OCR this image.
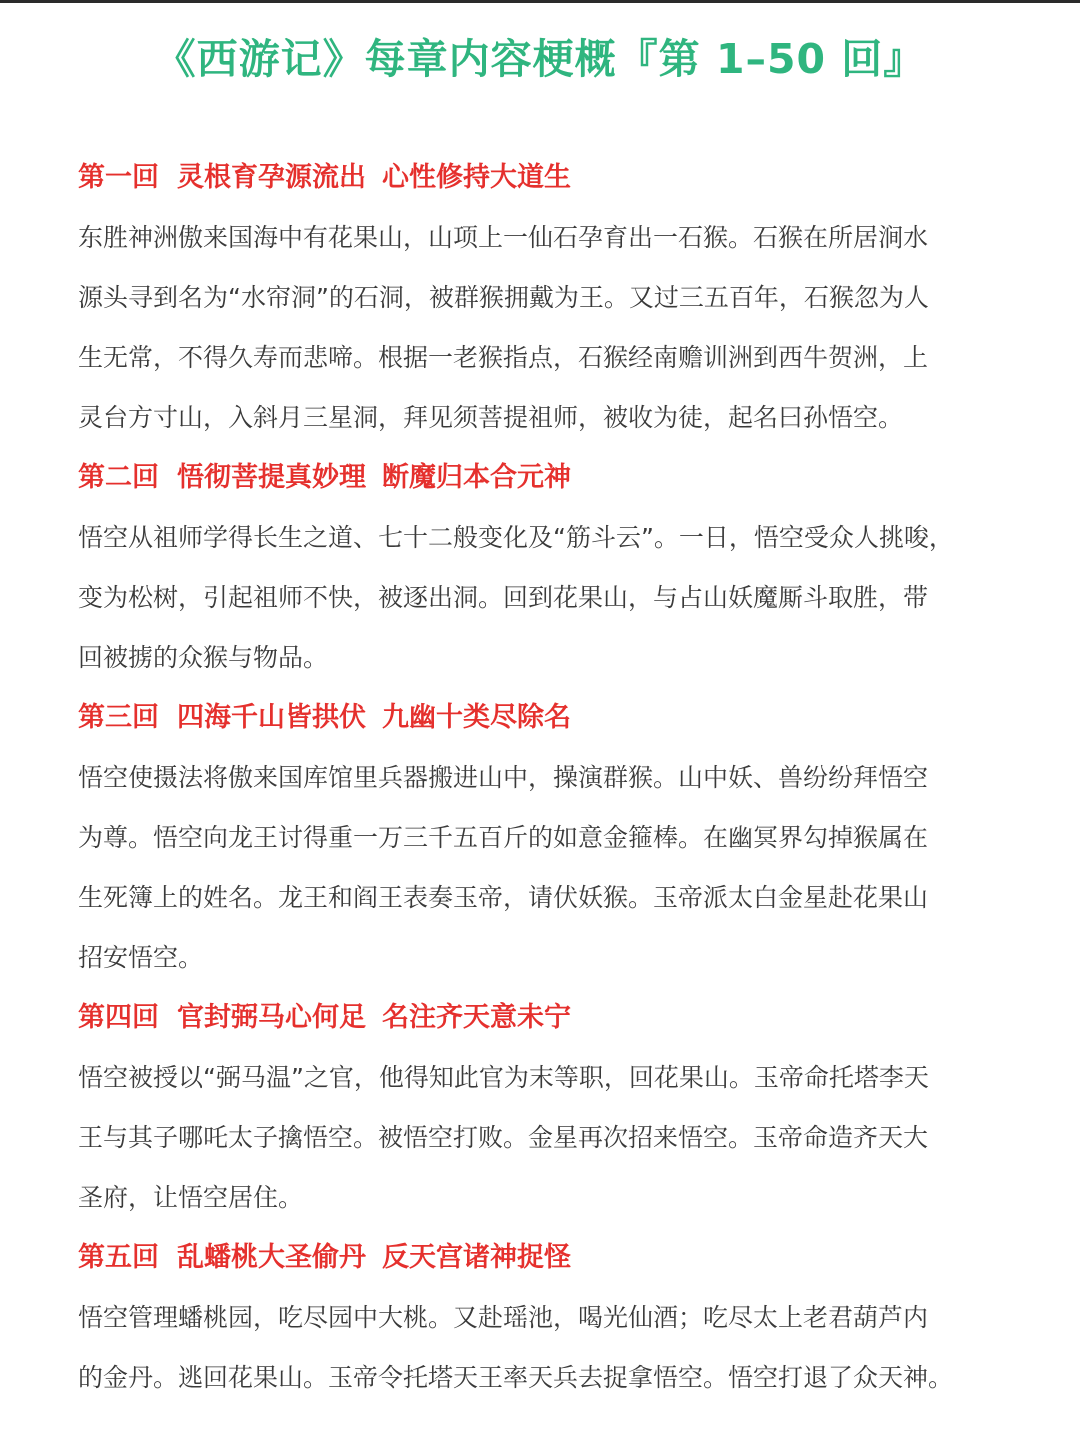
《西游记》每章内容梗概『第 1–50 回』
第一回 灵根育孕源流出 心性修持大道生
东胜神洲傲来国海中有花果山，山项上一仙石孕育出一石猴。石猴在所居涧水
源头寻到名为“水帘洞”的石洞，被群猴拥戴为王。又过三五百年，石猴忽为人
生无常，不得久寿而悲啼。根据一老猴指点，石猴经南赡训洲到西牛贺洲，上
灵台方寸山，入斜月三星洞，拜见须菩提祖师，被收为徒，起名曰孙悟空。
第二回 悟彻菩提真妙理 断魔归本合元神
悟空从祖师学得长生之道、七十二般变化及“筋斗云”。一日，悟空受众人挑唆，
变为松树，引起祖师不快，被逐出洞。回到花果山，与占山妖魔厮斗取胜，带
回被掳的众猴与物品。
第三回 四海千山皆拱伏 九幽十类尽除名
悟空使摄法将傲来国库馆里兵器搬进山中，操演群猴。山中妖、兽纷纷拜悟空
为尊。悟空向龙王讨得重一万三千五百斤的如意金箍棒。在幽冥界勾掉猴属在
生死簿上的姓名。龙王和阎王表奏玉帝，请伏妖猴。玉帝派太白金星赴花果山
招安悟空。
第四回 官封弼马心何足 名注齐天意未宁
悟空被授以“弼马温”之官，他得知此官为末等职，回花果山。玉帝命托塔李天
王与其子哪吒太子擒悟空。被悟空打败。金星再次招来悟空。玉帝命造齐天大
圣府，让悟空居住。
第五回 乱蟠桃大圣偷丹 反天宫诸神捉怪
悟空管理蟠桃园，吃尽园中大桃。又赴瑶池，喝光仙酒；吃尽太上老君葫芦内
的金丹。逃回花果山。玉帝令托塔天王率天兵去捉拿悟空。悟空打退了众天神。
